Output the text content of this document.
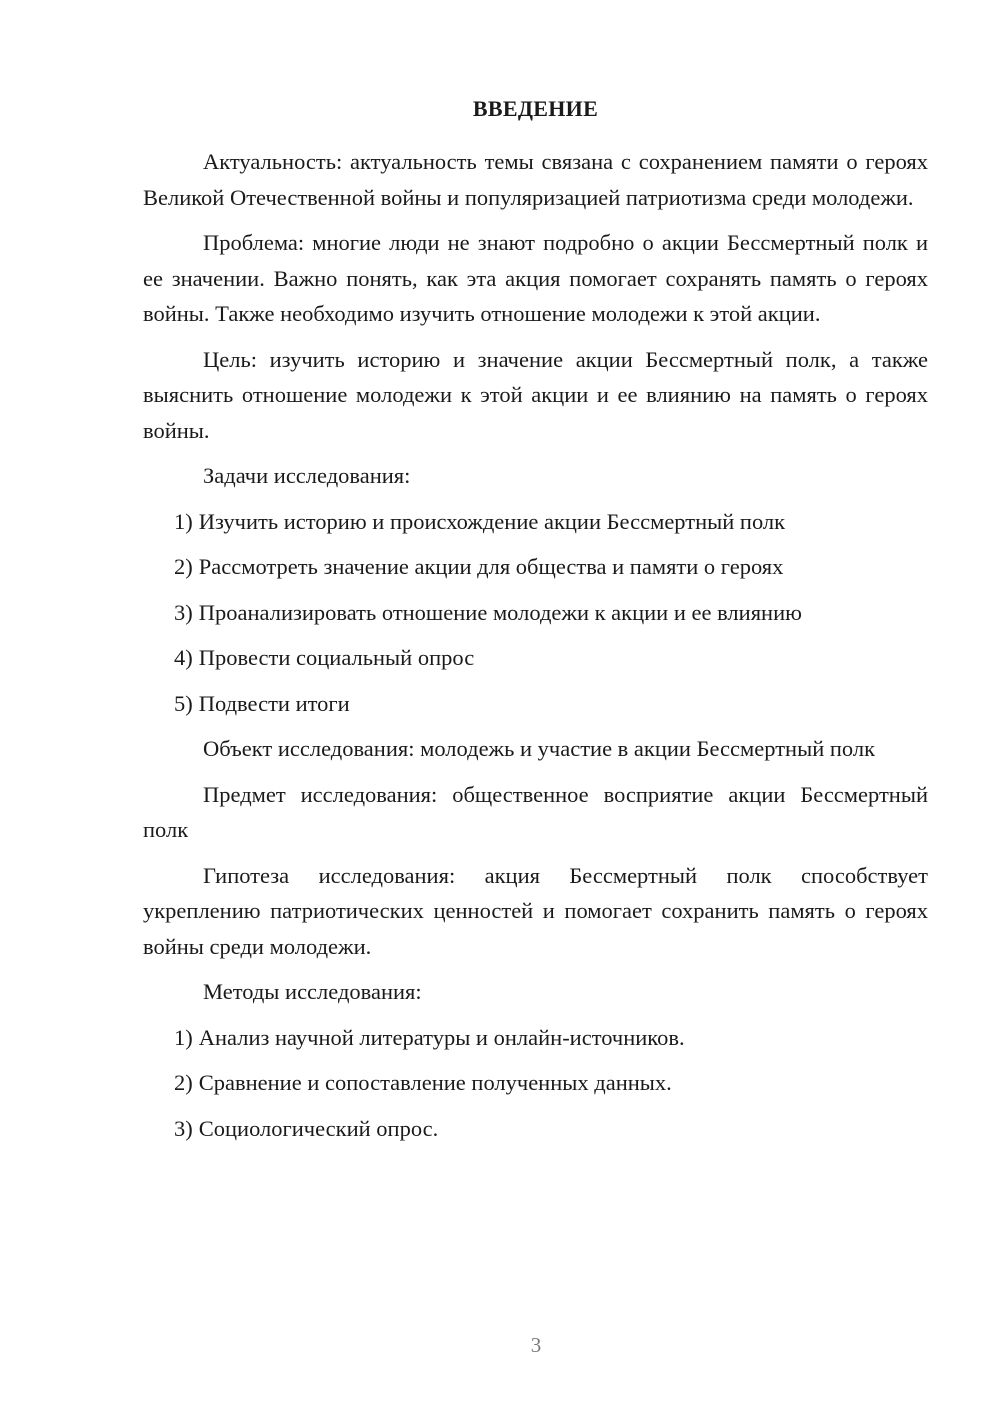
ВВЕДЕНИЕ

Актуальность: актуальность темы связана с сохранением памяти о героях Великой Отечественной войны и популяризацией патриотизма среди молодежи.

Проблема: многие люди не знают подробно о акции Бессмертный полк и ее значении. Важно понять, как эта акция помогает сохранять память о героях войны. Также необходимо изучить отношение молодежи к этой акции.

Цель: изучить историю и значение акции Бессмертный полк, а также выяснить отношение молодежи к этой акции и ее влиянию на память о героях войны.

Задачи исследования:

1) Изучить историю и происхождение акции Бессмертный полк
2) Рассмотреть значение акции для общества и памяти о героях
3) Проанализировать отношение молодежи к акции и ее влиянию
4) Провести социальный опрос
5) Подвести итоги

Объект исследования: молодежь и участие в акции Бессмертный полк

Предмет исследования: общественное восприятие акции Бессмертный полк

Гипотеза исследования: акция Бессмертный полк способствует укреплению патриотических ценностей и помогает сохранить память о героях войны среди молодежи.

Методы исследования:

1) Анализ научной литературы и онлайн-источников.
2) Сравнение и сопоставление полученных данных.
3) Социологический опрос.
3
